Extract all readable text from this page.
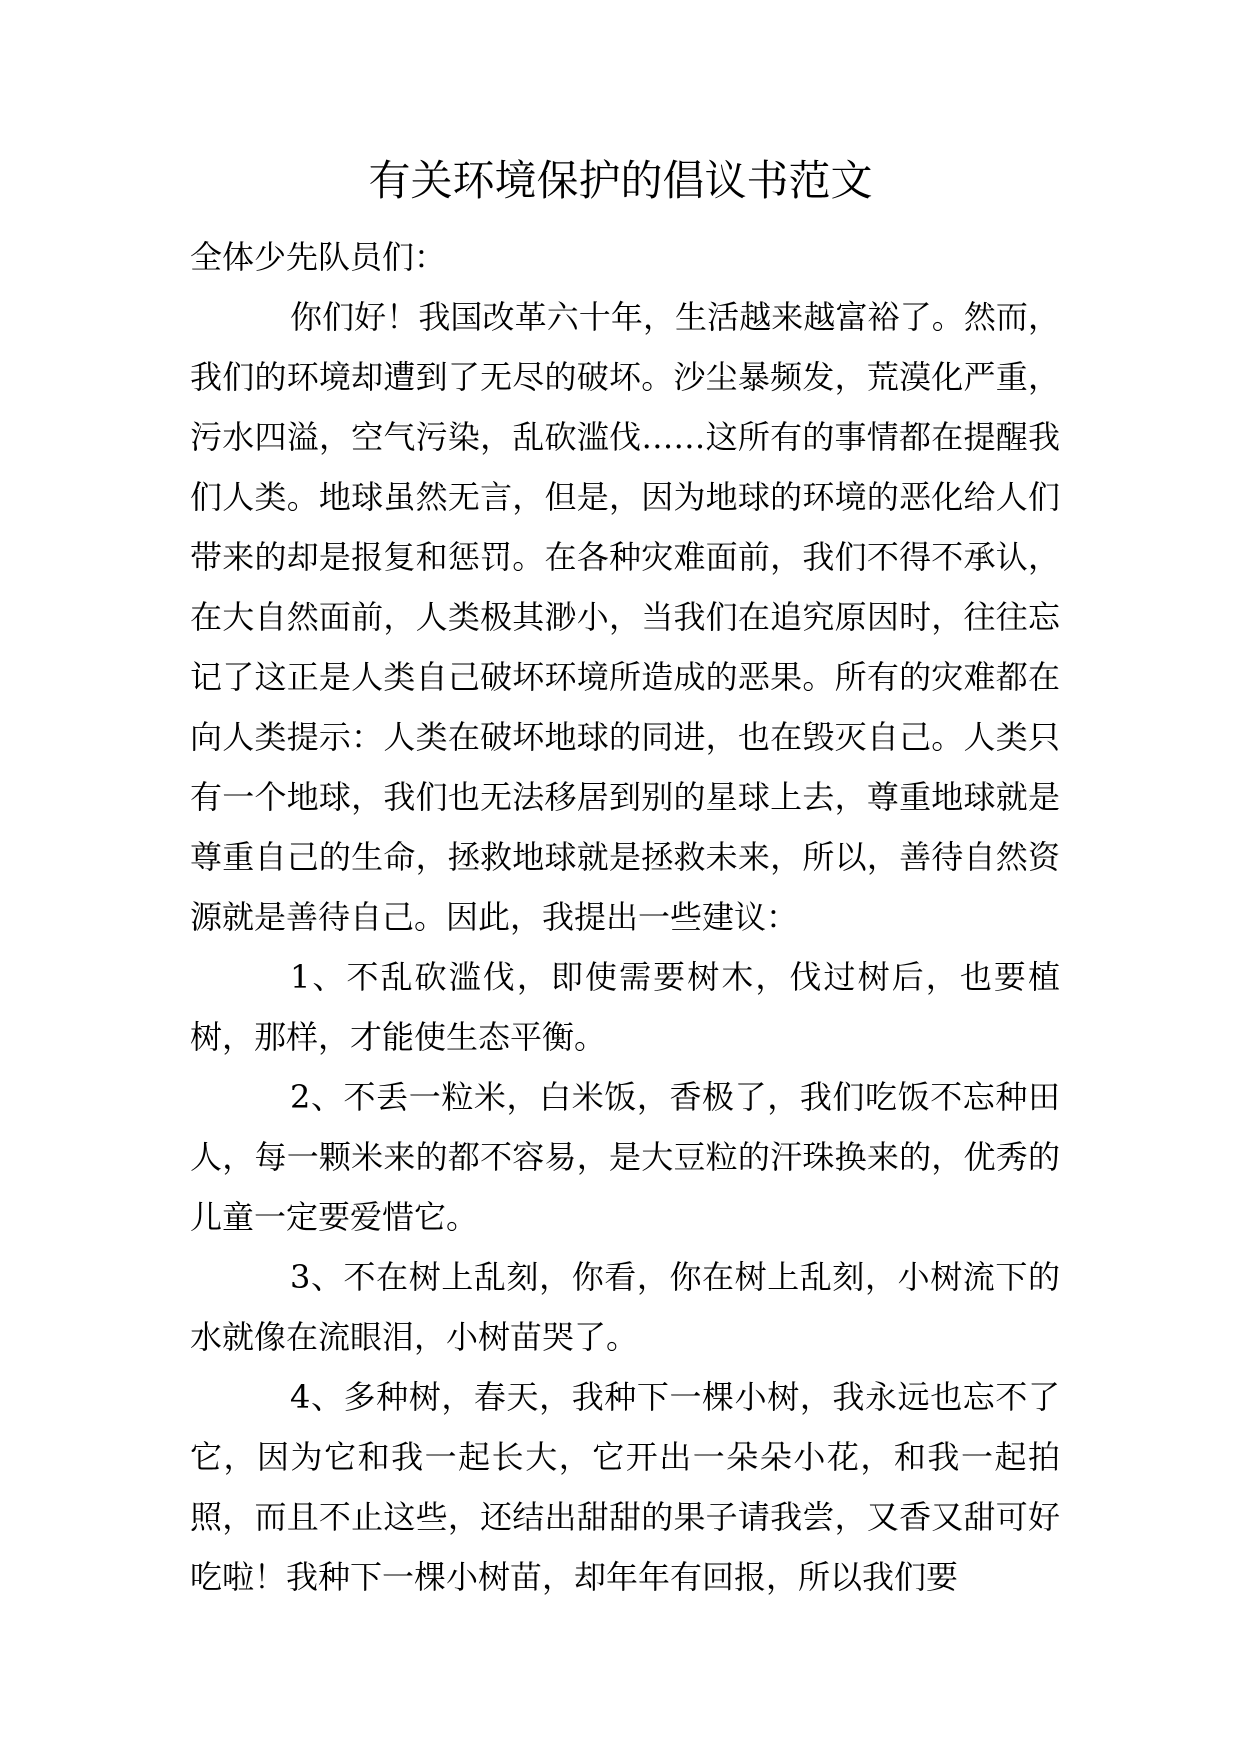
有关环境保护的倡议书范文

全体少先队员们：

你们好！我国改革六十年，生活越来越富裕了。然而，我们的环境却遭到了无尽的破坏。沙尘暴频发，荒漠化严重，污水四溢，空气污染，乱砍滥伐……这所有的事情都在提醒我们人类。地球虽然无言，但是，因为地球的环境的恶化给人们带来的却是报复和惩罚。在各种灾难面前，我们不得不承认，在大自然面前，人类极其渺小，当我们在追究原因时，往往忘记了这正是人类自己破坏环境所造成的恶果。所有的灾难都在向人类提示：人类在破坏地球的同进，也在毁灭自己。人类只有一个地球，我们也无法移居到别的星球上去，尊重地球就是尊重自己的生命，拯救地球就是拯救未来，所以，善待自然资源就是善待自己。因此，我提出一些建议：

1、不乱砍滥伐，即使需要树木，伐过树后，也要植树，那样，才能使生态平衡。

2、不丢一粒米，白米饭，香极了，我们吃饭不忘种田人，每一颗米来的都不容易，是大豆粒的汗珠换来的，优秀的儿童一定要爱惜它。

3、不在树上乱刻，你看，你在树上乱刻，小树流下的水就像在流眼泪，小树苗哭了。

4、多种树，春天，我种下一棵小树，我永远也忘不了它，因为它和我一起长大，它开出一朵朵小花，和我一起拍照，而且不止这些，还结出甜甜的果子请我尝，又香又甜可好吃啦！我种下一棵小树苗，却年年有回报，所以我们要
